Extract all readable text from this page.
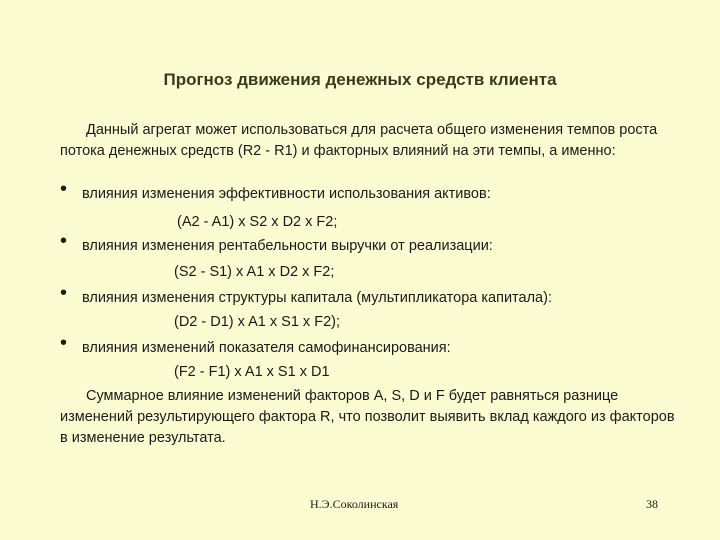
Прогноз движения денежных средств клиента
Данный агрегат может использоваться для расчета общего изменения темпов роста потока денежных средств (R2 - R1) и факторных влияний на эти темпы, а именно:
• влияния изменения эффективности использования активов:
(A2 - A1) x S2 x D2 x F2;
• влияния изменения рентабельности выручки от реализации:
(S2 - S1) x A1 x D2 x F2;
• влияния изменения структуры капитала (мультипликатора капитала):
(D2 - D1) x A1 x S1 x F2);
• влияния изменений показателя самофинансирования:
(F2 - F1) x A1 x S1 x D1
Суммарное влияние изменений факторов А, S, D и F будет равняться разнице изменений результирующего фактора R, что позволит выявить вклад каждого из факторов в изменение результата.
Н.Э.Соколинская	38
